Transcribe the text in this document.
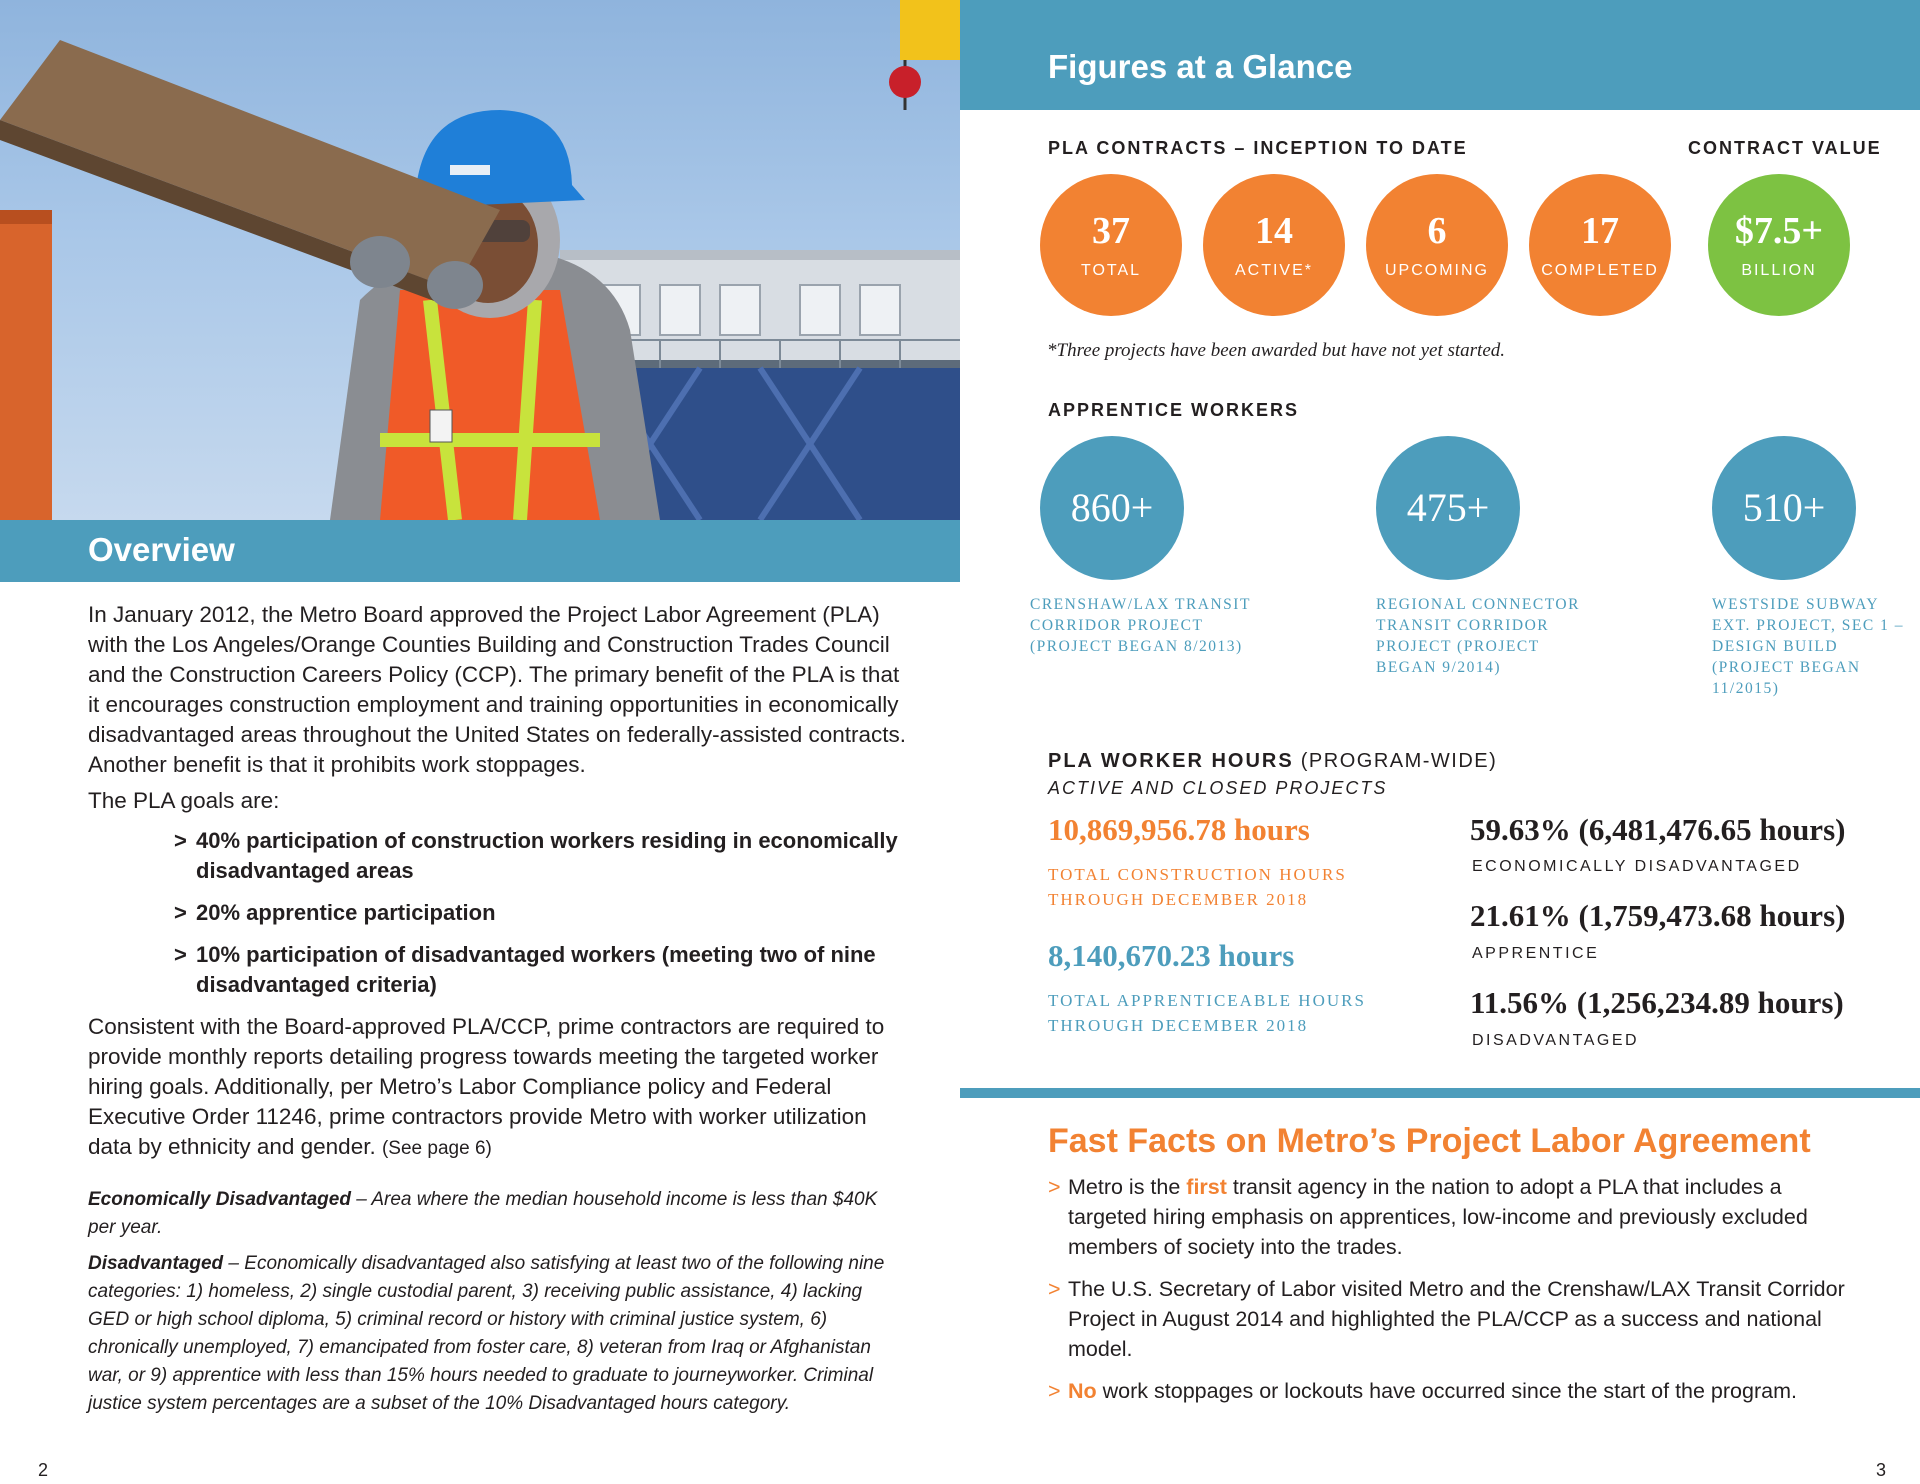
Overview

In January 2012, the Metro Board approved the Project Labor Agreement (PLA) with the Los Angeles/Orange Counties Building and Construction Trades Council and the Construction Careers Policy (CCP). The primary benefit of the PLA is that it encourages construction employment and training opportunities in economically disadvantaged areas throughout the United States on federally-assisted contracts. Another benefit is that it prohibits work stoppages.

The PLA goals are:

> 40% participation of construction workers residing in economically disadvantaged areas
> 20% apprentice participation
> 10% participation of disadvantaged workers (meeting two of nine disadvantaged criteria)

Consistent with the Board-approved PLA/CCP, prime contractors are required to provide monthly reports detailing progress towards meeting the targeted worker hiring goals. Additionally, per Metro’s Labor Compliance policy and Federal Executive Order 11246, prime contractors provide Metro with worker utilization data by ethnicity and gender. (See page 6)

Economically Disadvantaged – Area where the median household income is less than $40K per year.

Disadvantaged – Economically disadvantaged also satisfying at least two of the following nine categories: 1) homeless, 2) single custodial parent, 3) receiving public assistance, 4) lacking GED or high school diploma, 5) criminal record or history with criminal justice system, 6) chronically unemployed, 7) emancipated from foster care, 8) veteran from Iraq or Afghanistan war, or 9) apprentice with less than 15% hours needed to graduate to journeyworker. Criminal justice system percentages are a subset of the 10% Disadvantaged hours category.

2
Figures at a Glance
PLA CONTRACTS – INCEPTION TO DATE	CONTRACT VALUE
37
TOTAL
14
ACTIVE*
6
UPCOMING
17
COMPLETED
$7.5+
BILLION
*Three projects have been awarded but have not yet started.
APPRENTICE WORKERS
860+	475+	510+
CRENSHAW/LAX TRANSIT
CORRIDOR PROJECT
(PROJECT BEGAN 8/2013)
REGIONAL CONNECTOR
TRANSIT CORRIDOR
PROJECT (PROJECT
BEGAN 9/2014)
WESTSIDE SUBWAY
EXT. PROJECT, SEC 1 –
DESIGN BUILD
(PROJECT BEGAN
11/2015)
PLA WORKER HOURS (PROGRAM-WIDE)
ACTIVE AND CLOSED PROJECTS
10,869,956.78 hours
TOTAL CONSTRUCTION HOURS
THROUGH DECEMBER 2018
8,140,670.23 hours
TOTAL APPRENTICEABLE HOURS
THROUGH DECEMBER 2018
59.63% (6,481,476.65 hours)
ECONOMICALLY DISADVANTAGED
21.61% (1,759,473.68 hours)
APPRENTICE
11.56% (1,256,234.89 hours)
DISADVANTAGED
Fast Facts on Metro’s Project Labor Agreement
> Metro is the first transit agency in the nation to adopt a PLA that includes a targeted hiring emphasis on apprentices, low-income and previously excluded members of society into the trades.
> The U.S. Secretary of Labor visited Metro and the Crenshaw/LAX Transit Corridor Project in August 2014 and highlighted the PLA/CCP as a success and national model.
> No work stoppages or lockouts have occurred since the start of the program.
3
